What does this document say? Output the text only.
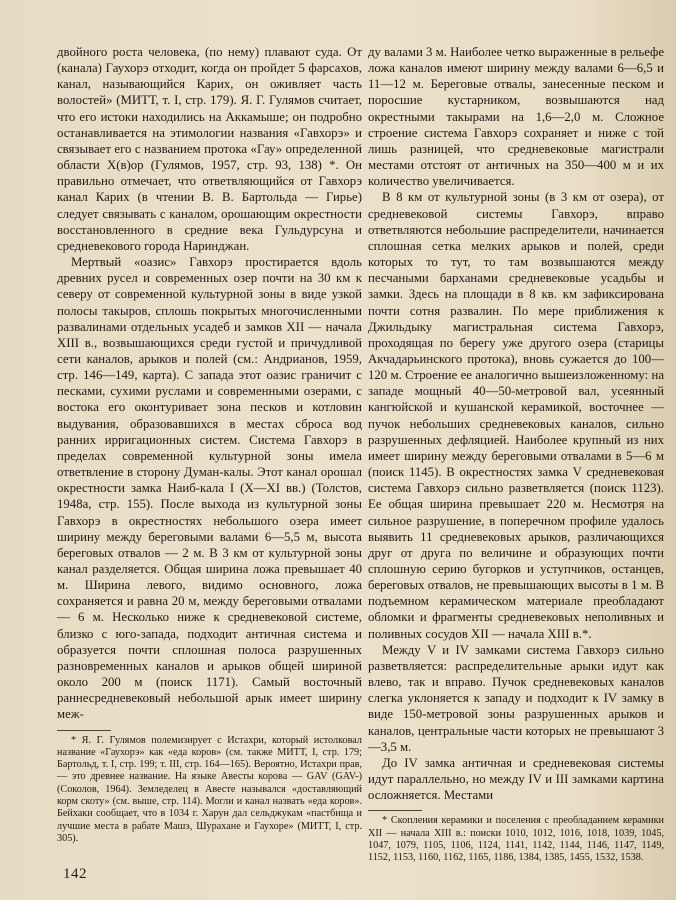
двойного роста человека, (по нему) плавают суда. От (канала) Гаухорэ отходит, когда он пройдет 5 фарсахов, канал, называющийся Карих, он оживляет часть волостей» (МИТТ, т. I, стр. 179). Я. Г. Гулямов считает, что его истоки находились на Аккамыше; он подробно останавливается на этимологии названия «Гавхорэ» и связывает его с названием протока «Гау» определенной области Х(в)ор (Гулямов, 1957, стр. 93, 138) *. Он правильно отмечает, что ответвляющийся от Гавхорэ канал Карих (в чтении В. В. Бартольда — Гирье) следует связывать с каналом, орошающим окрестности восстановленного в средние века Гульдурсуна и средневекового города Наринджан.

Мертвый «оазис» Гавхорэ простирается вдоль древних русел и современных озер почти на 30 км к северу от современной культурной зоны в виде узкой полосы такыров, сплошь покрытых многочисленными развалинами отдельных усадеб и замков XII — начала XIII в., возвышающихся среди густой и причудливой сети каналов, арыков и полей (см.: Андрианов, 1959, стр. 146—149, карта). С запада этот оазис граничит с песками, сухими руслами и современными озерами, с востока его оконтуривает зона песков и котловин выдувания, образовавшихся в местах сброса вод ранних ирригационных систем. Система Гавхорэ в пределах современной культурной зоны имела ответвление в сторону Думан-калы. Этот канал орошал окрестности замка Наиб-кала I (X—XI вв.) (Толстов, 1948а, стр. 155). После выхода из культурной зоны Гавхорэ в окрестностях небольшого озера имеет ширину между береговыми валами 6—5,5 м, высота береговых отвалов — 2 м. В 3 км от культурной зоны канал разделяется. Общая ширина ложа превышает 40 м. Ширина левого, видимо основного, ложа сохраняется и равна 20 м, между береговыми отвалами — 6 м. Несколько ниже к средневековой системе, близко с юго-запада, подходит античная система и образуется почти сплошная полоса разрушенных разновременных каналов и арыков общей шириной около 200 м (поиск 1171). Самый восточный раннесредневековый небольшой арык имеет ширину меж-

* Я. Г. Гулямов полемизирует с Истахри, который истолковал название «Гаухорэ» как «еда коров» (см. также МИТТ, I, стр. 179; Бартольд, т. I, стр. 199; т. III, стр. 164—165). Вероятно, Истахри прав, — это древнее название. На языке Авесты корова — GAV (GAV-) (Соколов, 1964). Земледелец в Авесте назывался «доставляющий корм скоту» (см. выше, стр. 114). Могли и канал назвать «еда коров». Бейхаки сообщает, что в 1034 г. Харун дал сельджукам «пастбища и лучшие места в рабате Машэ, Шурахане и Гаухоре» (МИТТ, I, стр. 305).

ду валами 3 м. Наиболее четко выраженные в рельефе ложа каналов имеют ширину между валами 6—6,5 и 11—12 м. Береговые отвалы, занесенные песком и поросшие кустарником, возвышаются над окрестными такырами на 1,6—2,0 м. Сложное строение система Гавхорэ сохраняет и ниже с той лишь разницей, что средневековые магистрали местами отстоят от античных на 350—400 м и их количество увеличивается.

В 8 км от культурной зоны (в 3 км от озера), от средневековой системы Гавхорэ, вправо ответвляются небольшие распределители, начинается сплошная сетка мелких арыков и полей, среди которых то тут, то там возвышаются между песчаными барханами средневековые усадьбы и замки. Здесь на площади в 8 кв. км зафиксирована почти сотня развалин. По мере приближения к Джильдыку магистральная система Гавхорэ, проходящая по берегу уже другого озера (старицы Акчадарьинского протока), вновь сужается до 100—120 м. Строение ее аналогично вышеизложенному: на западе мощный 40—50-метровой вал, усеянный кангюйской и кушанской керамикой, восточнее — пучок небольших средневековых каналов, сильно разрушенных дефляцией. Наиболее крупный из них имеет ширину между береговыми отвалами в 5—6 м (поиск 1145). В окрестностях замка V средневековая система Гавхорэ сильно разветвляется (поиск 1123). Ее общая ширина превышает 220 м. Несмотря на сильное разрушение, в поперечном профиле удалось выявить 11 средневековых арыков, различающихся друг от друга по величине и образующих почти сплошную серию бугорков и уступчиков, останцев, береговых отвалов, не превышающих высоты в 1 м. В подъемном керамическом материале преобладают обломки и фрагменты средневековых неполивных и поливных сосудов XII — начала XIII в.*.

Между V и IV замками система Гавхорэ сильно разветвляется: распределительные арыки идут как влево, так и вправо. Пучок средневековых каналов слегка уклоняется к западу и подходит к IV замку в виде 150-метровой зоны разрушенных арыков и каналов, центральные части которых не превышают 3—3,5 м.

До IV замка античная и средневековая системы идут параллельно, но между IV и III замками картина осложняется. Местами

* Скопления керамики и поселения с преобладанием керамики XII — начала XIII в.: поиски 1010, 1012, 1016, 1018, 1039, 1045, 1047, 1079, 1105, 1106, 1124, 1141, 1142, 1144, 1146, 1147, 1149, 1152, 1153, 1160, 1162, 1165, 1186, 1384, 1385, 1455, 1532, 1538.

142
